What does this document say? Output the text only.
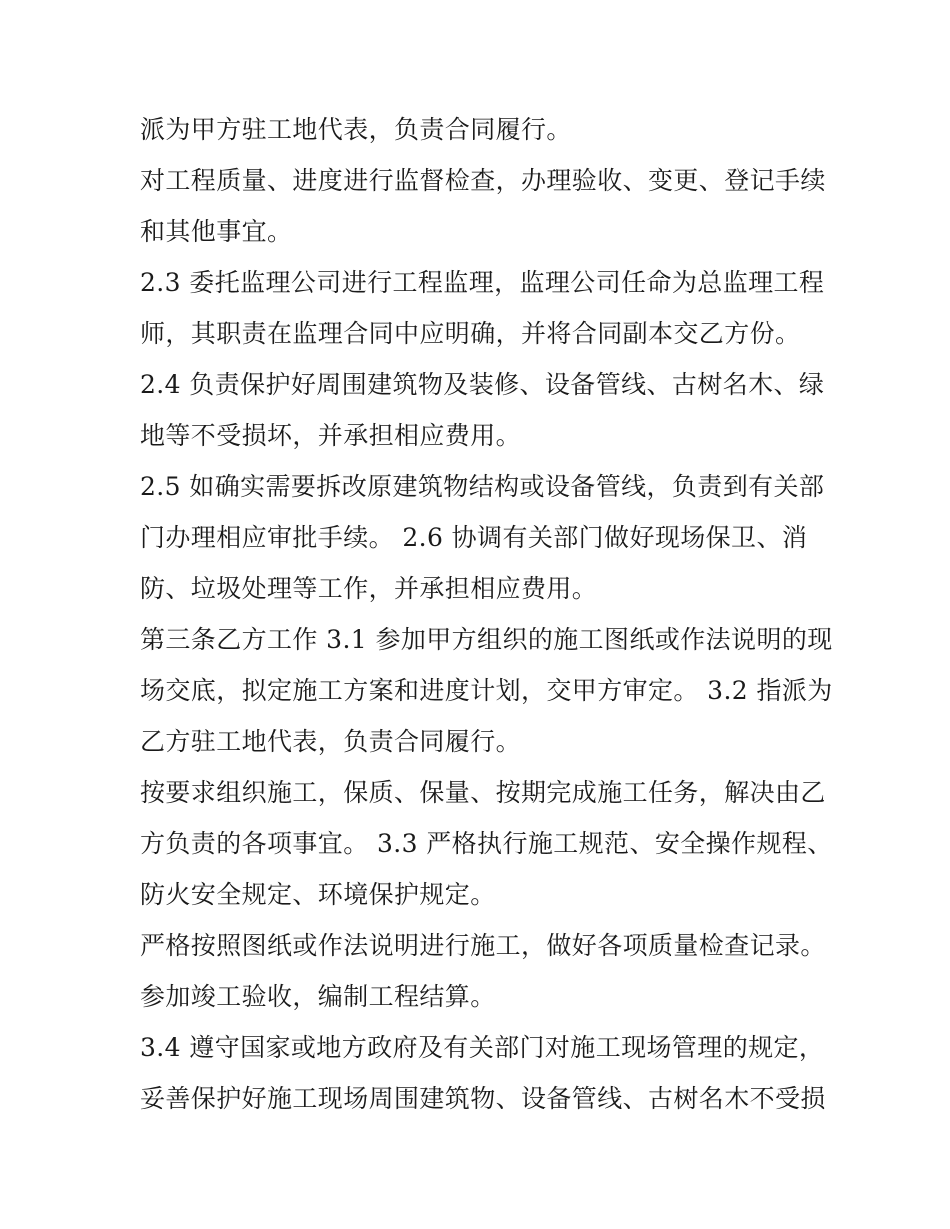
派为甲方驻工地代表，负责合同履行。
对工程质量、进度进行监督检查，办理验收、变更、登记手续
和其他事宜。
2.3 委托监理公司进行工程监理，监理公司任命为总监理工程
师，其职责在监理合同中应明确，并将合同副本交乙方份。
2.4 负责保护好周围建筑物及装修、设备管线、古树名木、绿
地等不受损坏，并承担相应费用。
2.5 如确实需要拆改原建筑物结构或设备管线，负责到有关部
门办理相应审批手续。 2.6 协调有关部门做好现场保卫、消
防、垃圾处理等工作，并承担相应费用。
第三条乙方工作 3.1 参加甲方组织的施工图纸或作法说明的现
场交底，拟定施工方案和进度计划，交甲方审定。 3.2 指派为
乙方驻工地代表，负责合同履行。
按要求组织施工，保质、保量、按期完成施工任务，解决由乙
方负责的各项事宜。 3.3 严格执行施工规范、安全操作规程、
防火安全规定、环境保护规定。
严格按照图纸或作法说明进行施工，做好各项质量检查记录。
参加竣工验收，编制工程结算。
3.4 遵守国家或地方政府及有关部门对施工现场管理的规定，
妥善保护好施工现场周围建筑物、设备管线、古树名木不受损
